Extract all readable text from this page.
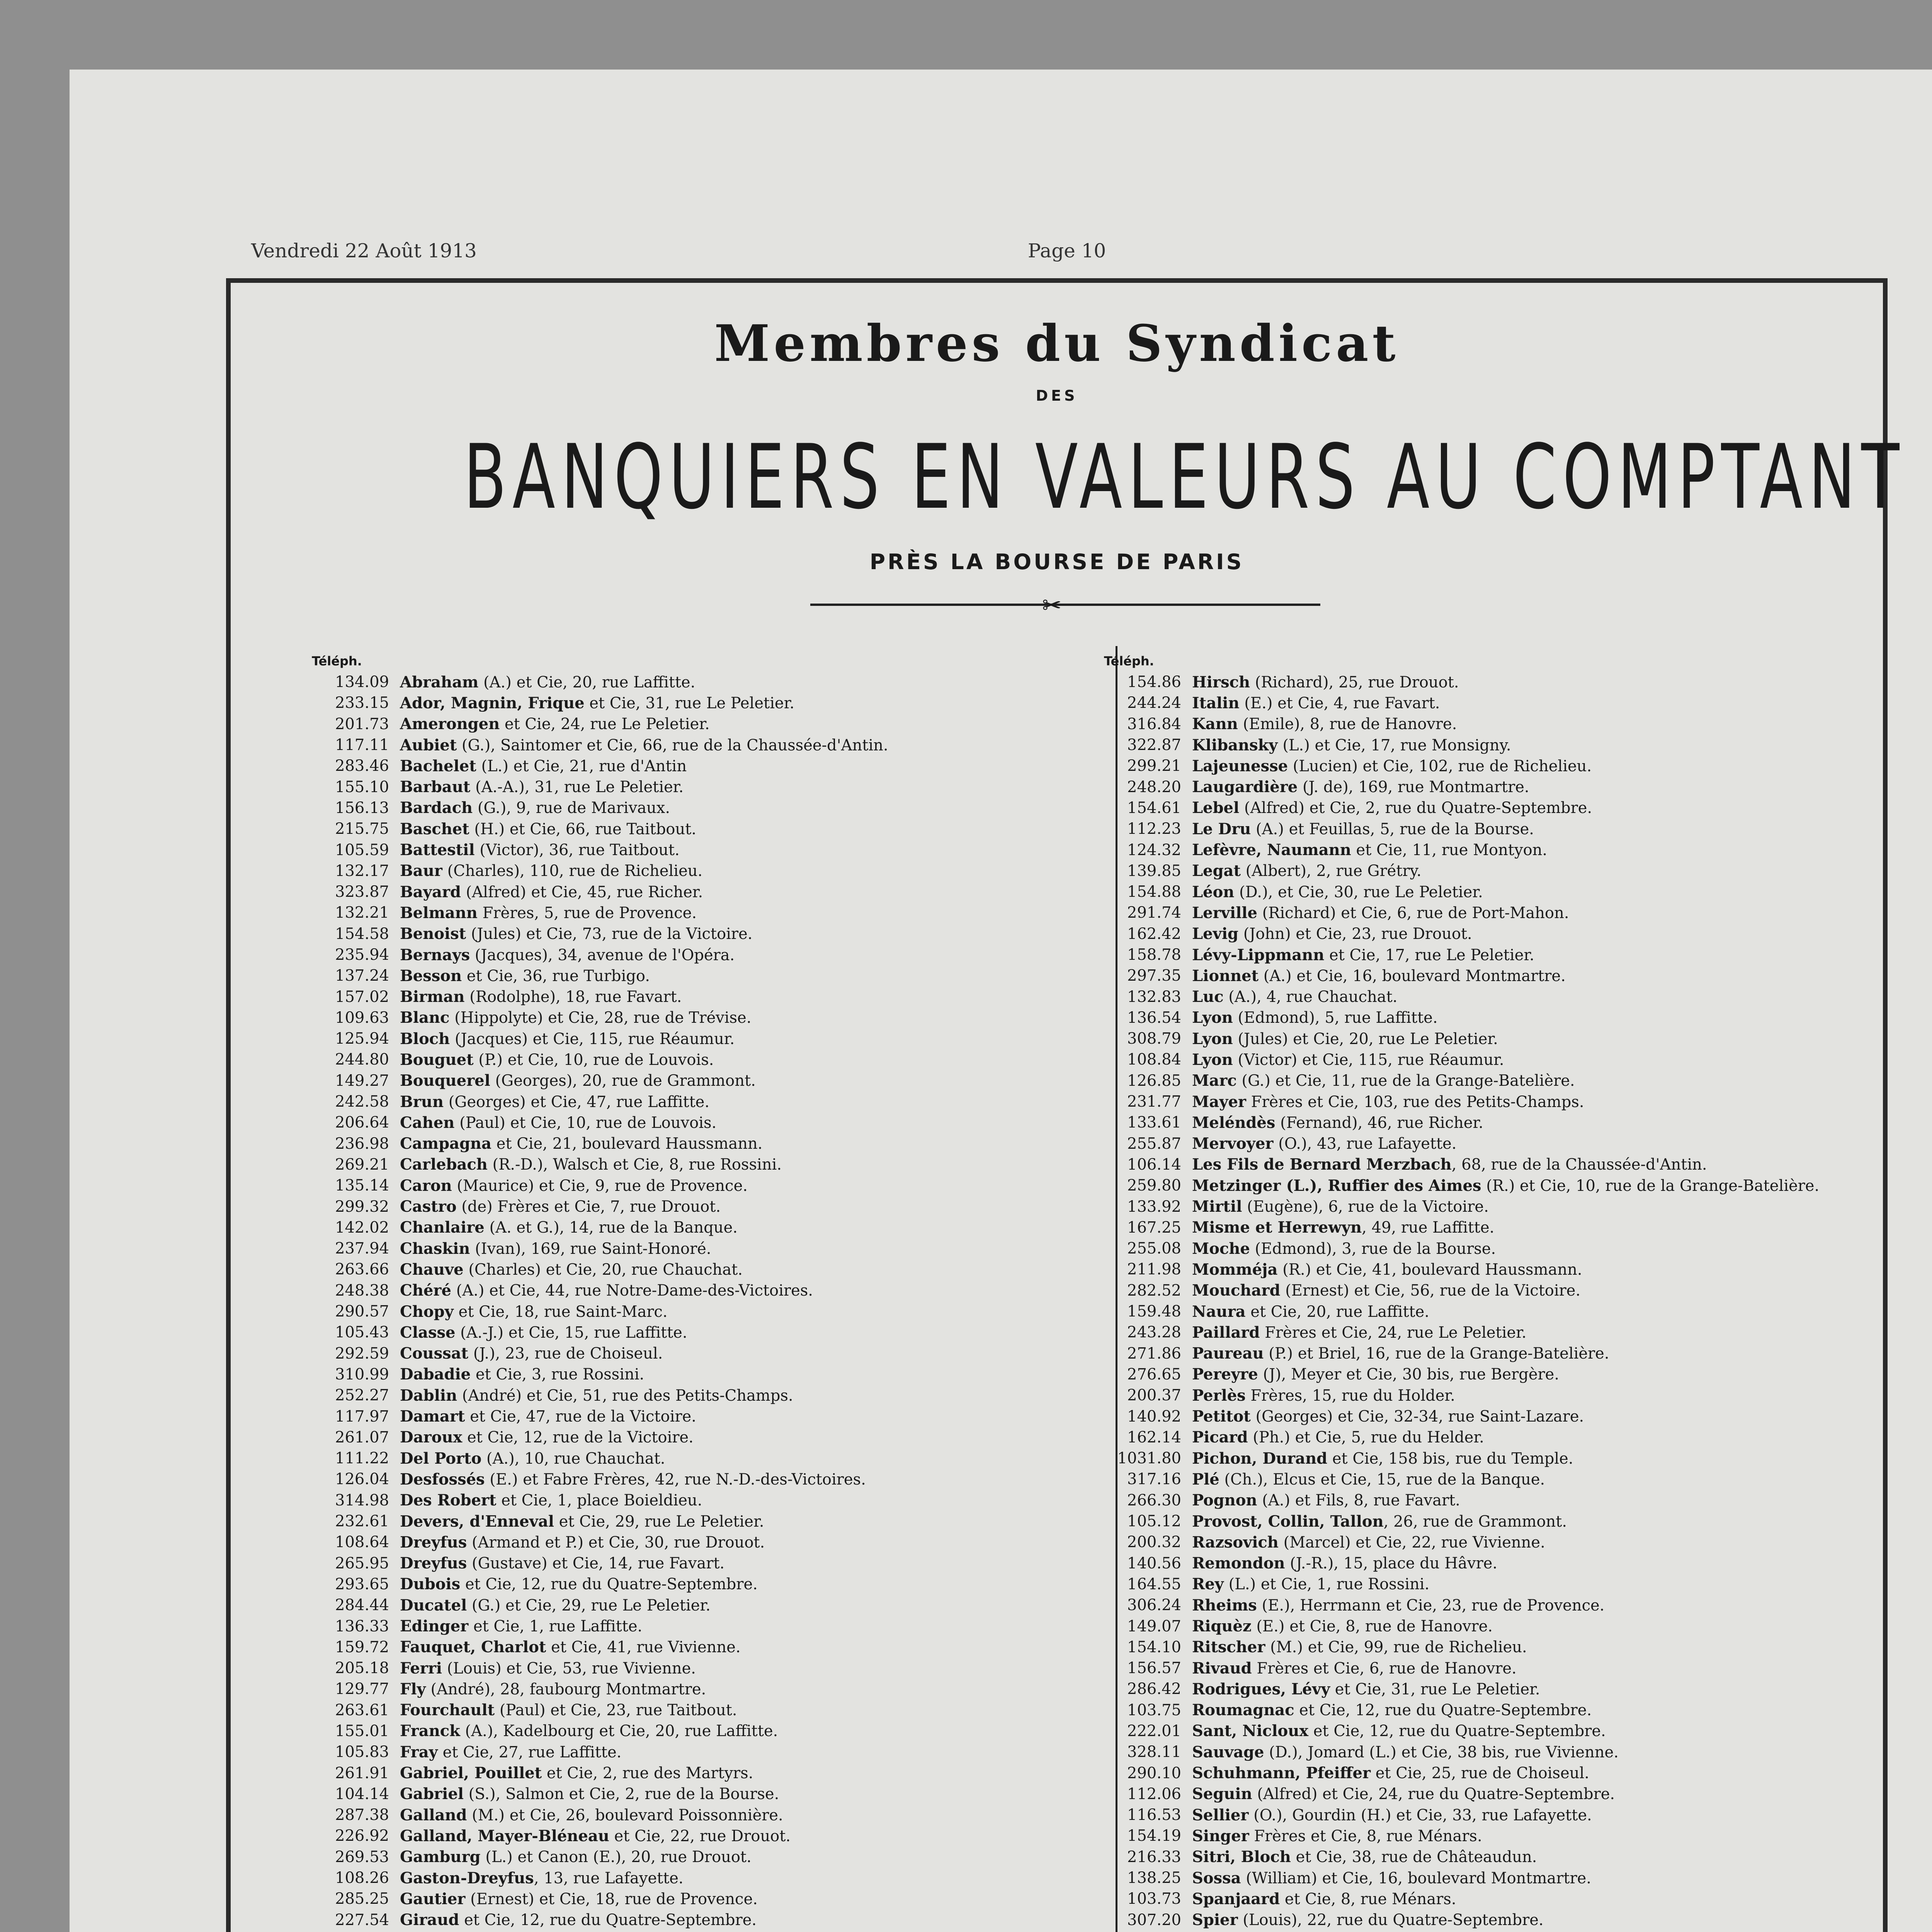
Vendredi 22 Août 1913	Page 10
Membres du Syndicat
DES
BANQUIERS EN VALEURS AU COMPTANT
PRÈS LA BOURSE DE PARIS
✂
Téléph.
134.09 Abraham (A.) et Cie, 20, rue Laffitte.
233.15 Ador, Magnin, Frique et Cie, 31, rue Le Peletier.
201.73 Amerongen et Cie, 24, rue Le Peletier.
117.11 Aubiet (G.), Saintomer et Cie, 66, rue de la Chaussée-d'Antin.
283.46 Bachelet (L.) et Cie, 21, rue d'Antin
155.10 Barbaut (A.-A.), 31, rue Le Peletier.
156.13 Bardach (G.), 9, rue de Marivaux.
215.75 Baschet (H.) et Cie, 66, rue Taitbout.
105.59 Battestil (Victor), 36, rue Taitbout.
132.17 Baur (Charles), 110, rue de Richelieu.
323.87 Bayard (Alfred) et Cie, 45, rue Richer.
132.21 Belmann Frères, 5, rue de Provence.
154.58 Benoist (Jules) et Cie, 73, rue de la Victoire.
235.94 Bernays (Jacques), 34, avenue de l'Opéra.
137.24 Besson et Cie, 36, rue Turbigo.
157.02 Birman (Rodolphe), 18, rue Favart.
109.63 Blanc (Hippolyte) et Cie, 28, rue de Trévise.
125.94 Bloch (Jacques) et Cie, 115, rue Réaumur.
244.80 Bouguet (P.) et Cie, 10, rue de Louvois.
149.27 Bouquerel (Georges), 20, rue de Grammont.
242.58 Brun (Georges) et Cie, 47, rue Laffitte.
206.64 Cahen (Paul) et Cie, 10, rue de Louvois.
236.98 Campagna et Cie, 21, boulevard Haussmann.
269.21 Carlebach (R.-D.), Walsch et Cie, 8, rue Rossini.
135.14 Caron (Maurice) et Cie, 9, rue de Provence.
299.32 Castro (de) Frères et Cie, 7, rue Drouot.
142.02 Chanlaire (A. et G.), 14, rue de la Banque.
237.94 Chaskin (Ivan), 169, rue Saint-Honoré.
263.66 Chauve (Charles) et Cie, 20, rue Chauchat.
248.38 Chéré (A.) et Cie, 44, rue Notre-Dame-des-Victoires.
290.57 Chopy et Cie, 18, rue Saint-Marc.
105.43 Classe (A.-J.) et Cie, 15, rue Laffitte.
292.59 Coussat (J.), 23, rue de Choiseul.
310.99 Dabadie et Cie, 3, rue Rossini.
252.27 Dablin (André) et Cie, 51, rue des Petits-Champs.
117.97 Damart et Cie, 47, rue de la Victoire.
261.07 Daroux et Cie, 12, rue de la Victoire.
111.22 Del Porto (A.), 10, rue Chauchat.
126.04 Desfossés (E.) et Fabre Frères, 42, rue N.-D.-des-Victoires.
314.98 Des Robert et Cie, 1, place Boieldieu.
232.61 Devers, d'Enneval et Cie, 29, rue Le Peletier.
108.64 Dreyfus (Armand et P.) et Cie, 30, rue Drouot.
265.95 Dreyfus (Gustave) et Cie, 14, rue Favart.
293.65 Dubois et Cie, 12, rue du Quatre-Septembre.
284.44 Ducatel (G.) et Cie, 29, rue Le Peletier.
136.33 Edinger et Cie, 1, rue Laffitte.
159.72 Fauquet, Charlot et Cie, 41, rue Vivienne.
205.18 Ferri (Louis) et Cie, 53, rue Vivienne.
129.77 Fly (André), 28, faubourg Montmartre.
263.61 Fourchault (Paul) et Cie, 23, rue Taitbout.
155.01 Franck (A.), Kadelbourg et Cie, 20, rue Laffitte.
105.83 Fray et Cie, 27, rue Laffitte.
261.91 Gabriel, Pouillet et Cie, 2, rue des Martyrs.
104.14 Gabriel (S.), Salmon et Cie, 2, rue de la Bourse.
287.38 Galland (M.) et Cie, 26, boulevard Poissonnière.
226.92 Galland, Mayer-Bléneau et Cie, 22, rue Drouot.
269.53 Gamburg (L.) et Canon (E.), 20, rue Drouot.
108.26 Gaston-Dreyfus, 13, rue Lafayette.
285.25 Gautier (Ernest) et Cie, 18, rue de Provence.
227.54 Giraud et Cie, 12, rue du Quatre-Septembre.
Téléph.
154.86 Hirsch (Richard), 25, rue Drouot.
244.24 Italin (E.) et Cie, 4, rue Favart.
316.84 Kann (Emile), 8, rue de Hanovre.
322.87 Klibansky (L.) et Cie, 17, rue Monsigny.
299.21 Lajeunesse (Lucien) et Cie, 102, rue de Richelieu.
248.20 Laugardière (J. de), 169, rue Montmartre.
154.61 Lebel (Alfred) et Cie, 2, rue du Quatre-Septembre.
112.23 Le Dru (A.) et Feuillas, 5, rue de la Bourse.
124.32 Lefèvre, Naumann et Cie, 11, rue Montyon.
139.85 Legat (Albert), 2, rue Grétry.
154.88 Léon (D.), et Cie, 30, rue Le Peletier.
291.74 Lerville (Richard) et Cie, 6, rue de Port-Mahon.
162.42 Levig (John) et Cie, 23, rue Drouot.
158.78 Lévy-Lippmann et Cie, 17, rue Le Peletier.
297.35 Lionnet (A.) et Cie, 16, boulevard Montmartre.
132.83 Luc (A.), 4, rue Chauchat.
136.54 Lyon (Edmond), 5, rue Laffitte.
308.79 Lyon (Jules) et Cie, 20, rue Le Peletier.
108.84 Lyon (Victor) et Cie, 115, rue Réaumur.
126.85 Marc (G.) et Cie, 11, rue de la Grange-Batelière.
231.77 Mayer Frères et Cie, 103, rue des Petits-Champs.
133.61 Meléndès (Fernand), 46, rue Richer.
255.87 Mervoyer (O.), 43, rue Lafayette.
106.14 Les Fils de Bernard Merzbach, 68, rue de la Chaussée-d'Antin.
259.80 Metzinger (L.), Ruffier des Aimes (R.) et Cie, 10, rue de la Grange-Batelière.
133.92 Mirtil (Eugène), 6, rue de la Victoire.
167.25 Misme et Herrewyn, 49, rue Laffitte.
255.08 Moche (Edmond), 3, rue de la Bourse.
211.98 Momméja (R.) et Cie, 41, boulevard Haussmann.
282.52 Mouchard (Ernest) et Cie, 56, rue de la Victoire.
159.48 Naura et Cie, 20, rue Laffitte.
243.28 Paillard Frères et Cie, 24, rue Le Peletier.
271.86 Paureau (P.) et Briel, 16, rue de la Grange-Batelière.
276.65 Pereyre (J), Meyer et Cie, 30 bis, rue Bergère.
200.37 Perlès Frères, 15, rue du Holder.
140.92 Petitot (Georges) et Cie, 32-34, rue Saint-Lazare.
162.14 Picard (Ph.) et Cie, 5, rue du Helder.
1031.80 Pichon, Durand et Cie, 158 bis, rue du Temple.
317.16 Plé (Ch.), Elcus et Cie, 15, rue de la Banque.
266.30 Pognon (A.) et Fils, 8, rue Favart.
105.12 Provost, Collin, Tallon, 26, rue de Grammont.
200.32 Razsovich (Marcel) et Cie, 22, rue Vivienne.
140.56 Remondon (J.-R.), 15, place du Hâvre.
164.55 Rey (L.) et Cie, 1, rue Rossini.
306.24 Rheims (E.), Herrmann et Cie, 23, rue de Provence.
149.07 Riquèz (E.) et Cie, 8, rue de Hanovre.
154.10 Ritscher (M.) et Cie, 99, rue de Richelieu.
156.57 Rivaud Frères et Cie, 6, rue de Hanovre.
286.42 Rodrigues, Lévy et Cie, 31, rue Le Peletier.
103.75 Roumagnac et Cie, 12, rue du Quatre-Septembre.
222.01 Sant, Nicloux et Cie, 12, rue du Quatre-Septembre.
328.11 Sauvage (D.), Jomard (L.) et Cie, 38 bis, rue Vivienne.
290.10 Schuhmann, Pfeiffer et Cie, 25, rue de Choiseul.
112.06 Seguin (Alfred) et Cie, 24, rue du Quatre-Septembre.
116.53 Sellier (O.), Gourdin (H.) et Cie, 33, rue Lafayette.
154.19 Singer Frères et Cie, 8, rue Ménars.
216.33 Sitri, Bloch et Cie, 38, rue de Châteaudun.
138.25 Sossa (William) et Cie, 16, boulevard Montmartre.
103.73 Spanjaard et Cie, 8, rue Ménars.
307.20 Spier (Louis), 22, rue du Quatre-Septembre.
